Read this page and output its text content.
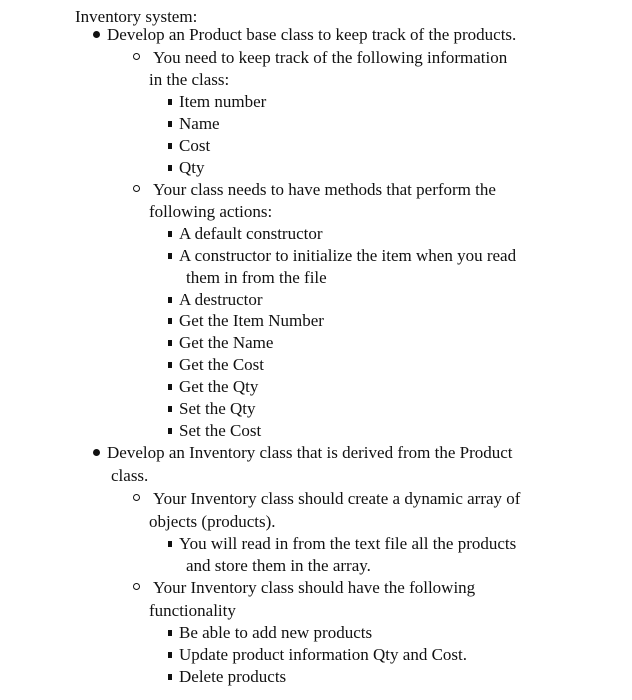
Inventory system:
Develop an Product base class to keep track of the products.
You need to keep track of the following information
in the class:
Item number
Name
Cost
Qty
Your class needs to have methods that perform the
following actions:
A default constructor
A constructor to initialize the item when you read
them in from the file
A destructor
Get the Item Number
Get the Name
Get the Cost
Get the Qty
Set the Qty
Set the Cost
Develop an Inventory class that is derived from the Product
class.
Your Inventory class should create a dynamic array of
objects (products).
You will read in from the text file all the products
and store them in the array.
Your Inventory class should have the following
functionality
Be able to add new products
Update product information Qty and Cost.
Delete products
